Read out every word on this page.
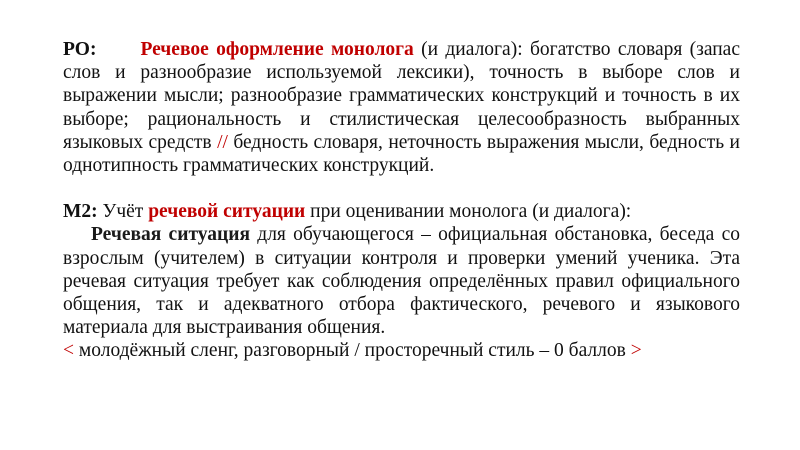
РО: Речевое оформление монолога (и диалога): богатство словаря (запас слов и разнообразие используемой лексики), точность в выборе слов и выражении мысли; разнообразие грамматических конструкций и точность в их выборе; рациональность и стилистическая целесообразность выбранных языковых средств // бедность словаря, неточность выражения мысли, бедность и однотипность грамматических конструкций.

М2: Учёт речевой ситуации при оценивании монолога (и диалога):

Речевая ситуация для обучающегося – официальная обстановка, беседа со взрослым (учителем) в ситуации контроля и проверки умений ученика. Эта речевая ситуация требует как соблюдения определённых правил официального общения, так и адекватного отбора фактического, речевого и языкового материала для выстраивания общения.

< молодёжный сленг, разговорный / просторечный стиль – 0 баллов >
